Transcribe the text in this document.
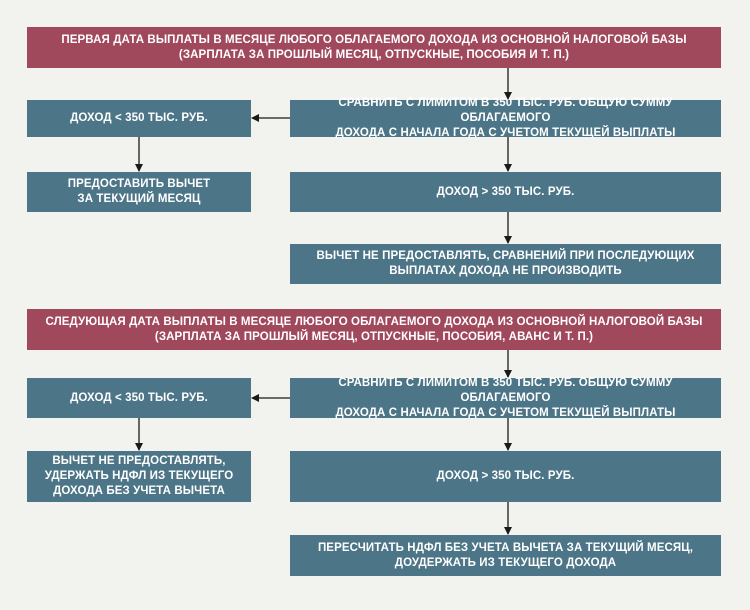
ПЕРВАЯ ДАТА ВЫПЛАТЫ В МЕСЯЦЕ ЛЮБОГО ОБЛАГАЕМОГО ДОХОДА ИЗ ОСНОВНОЙ НАЛОГОВОЙ БАЗЫ
(ЗАРПЛАТА ЗА ПРОШЛЫЙ МЕСЯЦ, ОТПУСКНЫЕ, ПОСОБИЯ И Т. П.)
ДОХОД < 350 ТЫС. РУБ.
СРАВНИТЬ С ЛИМИТОМ В 350 ТЫС. РУБ. ОБЩУЮ СУММУ ОБЛАГАЕМОГО
ДОХОДА С НАЧАЛА ГОДА С УЧЕТОМ ТЕКУЩЕЙ ВЫПЛАТЫ
ПРЕДОСТАВИТЬ ВЫЧЕТ
ЗА ТЕКУЩИЙ МЕСЯЦ
ДОХОД > 350 ТЫС. РУБ.
ВЫЧЕТ НЕ ПРЕДОСТАВЛЯТЬ, СРАВНЕНИЙ ПРИ ПОСЛЕДУЮЩИХ
ВЫПЛАТАХ ДОХОДА НЕ ПРОИЗВОДИТЬ
СЛЕДУЮЩАЯ ДАТА ВЫПЛАТЫ В МЕСЯЦЕ ЛЮБОГО ОБЛАГАЕМОГО ДОХОДА ИЗ ОСНОВНОЙ НАЛОГОВОЙ БАЗЫ
(ЗАРПЛАТА ЗА ПРОШЛЫЙ МЕСЯЦ, ОТПУСКНЫЕ, ПОСОБИЯ, АВАНС И Т. П.)
ДОХОД < 350 ТЫС. РУБ.
СРАВНИТЬ С ЛИМИТОМ В 350 ТЫС. РУБ. ОБЩУЮ СУММУ ОБЛАГАЕМОГО
ДОХОДА С НАЧАЛА ГОДА С УЧЕТОМ ТЕКУЩЕЙ ВЫПЛАТЫ
ВЫЧЕТ НЕ ПРЕДОСТАВЛЯТЬ,
УДЕРЖАТЬ НДФЛ ИЗ ТЕКУЩЕГО
ДОХОДА БЕЗ УЧЕТА ВЫЧЕТА
ДОХОД > 350 ТЫС. РУБ.
ПЕРЕСЧИТАТЬ НДФЛ БЕЗ УЧЕТА ВЫЧЕТА ЗА ТЕКУЩИЙ МЕСЯЦ,
ДОУДЕРЖАТЬ ИЗ ТЕКУЩЕГО ДОХОДА
